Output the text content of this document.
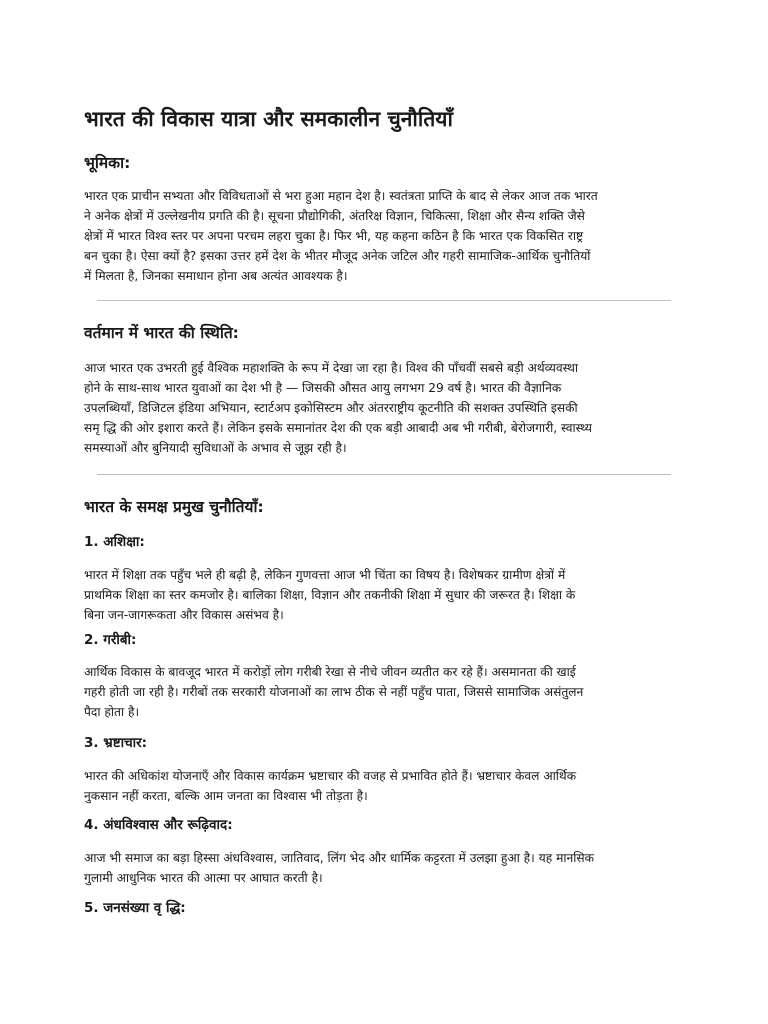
भारत की विकास यात्रा और समकालीन चुनौतियाँ
भूमिका:

भारत एक प्राचीन सभ्यता और विविधताओं से भरा हुआ महान देश है। स्वतंत्रता प्राप्ति के बाद से लेकर आज तक भारत
ने अनेक क्षेत्रों में उल्लेखनीय प्रगति की है। सूचना प्रौद्योगिकी, अंतरिक्ष विज्ञान, चिकित्सा, शिक्षा और सैन्य शक्ति जैसे
क्षेत्रों में भारत विश्व स्तर पर अपना परचम लहरा चुका है। फिर भी, यह कहना कठिन है कि भारत एक विकसित राष्ट्र
बन चुका है। ऐसा क्यों है? इसका उत्तर हमें देश के भीतर मौजूद अनेक जटिल और गहरी सामाजिक-आर्थिक चुनौतियों
में मिलता है, जिनका समाधान होना अब अत्यंत आवश्यक है।

वर्तमान में भारत की स्थिति:

आज भारत एक उभरती हुई वैश्विक महाशक्ति के रूप में देखा जा रहा है। विश्व की पाँचवीं सबसे बड़ी अर्थव्यवस्था
होने के साथ-साथ भारत युवाओं का देश भी है — जिसकी औसत आयु लगभग 29 वर्ष है। भारत की वैज्ञानिक
उपलब्धियाँ, डिजिटल इंडिया अभियान, स्टार्टअप इकोसिस्टम और अंतरराष्ट्रीय कूटनीति की सशक्त उपस्थिति इसकी
समृ द्धि की ओर इशारा करते हैं। लेकिन इसके समानांतर देश की एक बड़ी आबादी अब भी गरीबी, बेरोजगारी, स्वास्थ्य
समस्याओं और बुनियादी सुविधाओं के अभाव से जूझ रही है।

भारत के समक्ष प्रमुख चुनौतियाँ:
1. अशिक्षा:

भारत में शिक्षा तक पहुँच भले ही बढ़ी है, लेकिन गुणवत्ता आज भी चिंता का विषय है। विशेषकर ग्रामीण क्षेत्रों में
प्राथमिक शिक्षा का स्तर कमजोर है। बालिका शिक्षा, विज्ञान और तकनीकी शिक्षा में सुधार की जरूरत है। शिक्षा के
बिना जन-जागरूकता और विकास असंभव है।

2. गरीबी:

आर्थिक विकास के बावजूद भारत में करोड़ों लोग गरीबी रेखा से नीचे जीवन व्यतीत कर रहे हैं। असमानता की खाई
गहरी होती जा रही है। गरीबों तक सरकारी योजनाओं का लाभ ठीक से नहीं पहुँच पाता, जिससे सामाजिक असंतुलन
पैदा होता है।

3. भ्रष्टाचार:

भारत की अधिकांश योजनाएँ और विकास कार्यक्रम भ्रष्टाचार की वजह से प्रभावित होते हैं। भ्रष्टाचार केवल आर्थिक
नुकसान नहीं करता, बल्कि आम जनता का विश्वास भी तोड़ता है।

4. अंधविश्वास और रूढ़िवाद:

आज भी समाज का बड़ा हिस्सा अंधविश्वास, जातिवाद, लिंग भेद और धार्मिक कट्टरता में उलझा हुआ है। यह मानसिक
गुलामी आधुनिक भारत की आत्मा पर आघात करती है।

5. जनसंख्या वृ द्धि:
